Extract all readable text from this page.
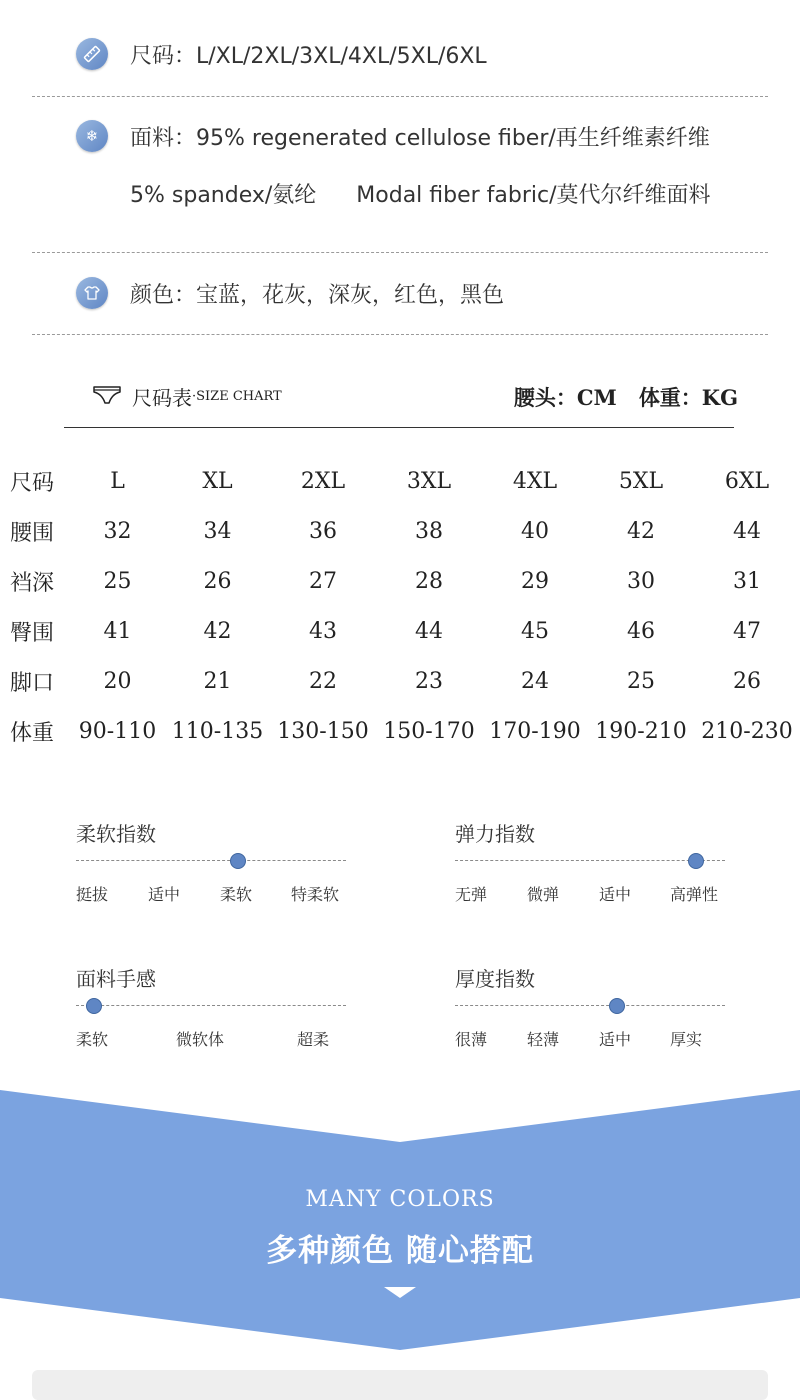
尺码：L/XL/2XL/3XL/4XL/5XL/6XL
❄	面料：95% regenerated cellulose fiber/再生纤维素纤维
5% spandex/氨纶 Modal fiber fabric/莫代尔纤维面料
颜色：宝蓝，花灰，深灰，红色，黑色
尺码表 ·SIZE CHART	腰头：CM 体重：KG
尺码	L	XL	2XL	3XL	4XL	5XL	6XL
腰围	32	34	36	38	40	42	44
裆深	25	26	27	28	29	30	31
臀围	41	42	43	44	45	46	47
脚口	20	21	22	23	24	25	26
体重	90-110	110-135	130-150	150-170	170-190	190-210	210-230
柔软指数
挺拔 适中 柔软 特柔软
弹力指数
无弹 微弹 适中 高弹性
面料手感
柔软	微软体	超柔
厚度指数
很薄 轻薄 适中 厚实
MANY COLORS
多种颜色 随心搭配
